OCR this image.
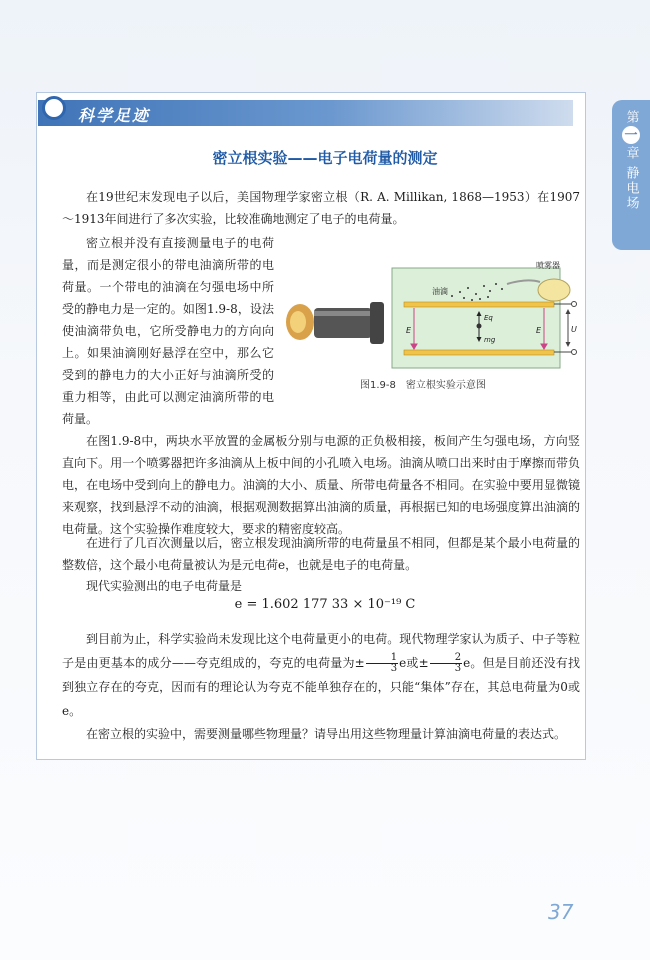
第
一
章
静电场
科学足迹
密立根实验——电子电荷量的测定

在19世纪末发现电子以后，美国物理学家密立根（R. A. Millikan, 1868—1953）在1907～1913年间进行了多次实验，比较准确地测定了电子的电荷量。

密立根并没有直接测量电子的电荷量，而是测定很小的带电油滴所带的电荷量。一个带电的油滴在匀强电场中所受的静电力是一定的。如图1.9-8，设法使油滴带负电，它所受静电力的方向向上。如果油滴刚好悬浮在空中，那么它受到的静电力的大小正好与油滴所受的重力相等，由此可以测定油滴所带的电荷量。

喷雾器
油滴
Eq
mg
E	E	U
图1.9-8　密立根实验示意图

在图1.9-8中，两块水平放置的金属板分别与电源的正负极相接，板间产生匀强电场，方向竖直向下。用一个喷雾器把许多油滴从上板中间的小孔喷入电场。油滴从喷口出来时由于摩擦而带负电，在电场中受到向上的静电力。油滴的大小、质量、所带电荷量各不相同。在实验中要用显微镜来观察，找到悬浮不动的油滴，根据观测数据算出油滴的质量，再根据已知的电场强度算出油滴的电荷量。这个实验操作难度较大，要求的精密度较高。

在进行了几百次测量以后，密立根发现油滴所带的电荷量虽不相同，但都是某个最小电荷量的整数倍，这个最小电荷量被认为是元电荷e，也就是电子的电荷量。

现代实验测出的电子电荷量是

e = 1.602 177 33 × 10⁻¹⁹ C

到目前为止，科学实验尚未发现比这个电荷量更小的电荷。现代物理学家认为质子、中子等粒子是由更基本的成分——夸克组成的，夸克的电荷量为± $\frac{1}{3}$ e或± $\frac{2}{3}$ e。但是目前还没有找到独立存在的夸克，因而有的理论认为夸克不能单独存在的，只能“集体”存在，其总电荷量为0或e。

在密立根的实验中，需要测量哪些物理量？请导出用这些物理量计算油滴电荷量的表达式。

37
